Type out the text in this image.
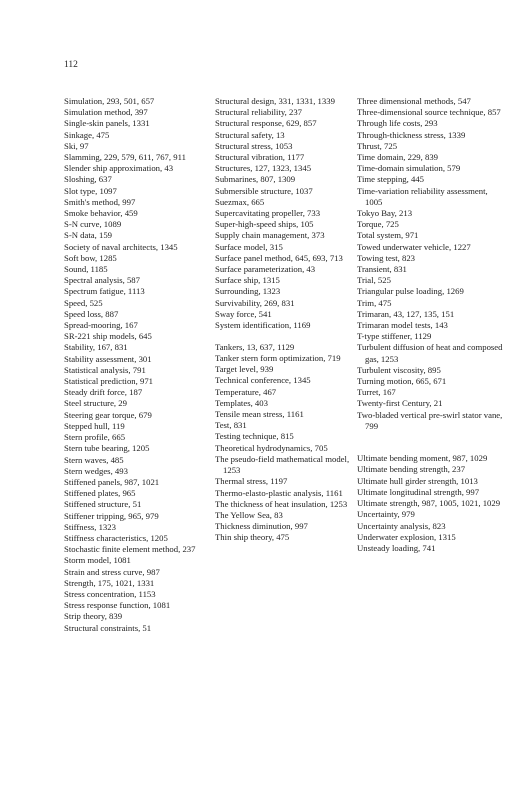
112
Simulation, 293, 501, 657
Simulation method, 397
Single-skin panels, 1331
Sinkage, 475
Ski, 97
Slamming, 229, 579, 611, 767, 911
Slender ship approximation, 43
Sloshing, 637
Slot type, 1097
Smith's method, 997
Smoke behavior, 459
S-N curve, 1089
S-N data, 159
Society of naval architects, 1345
Soft bow, 1285
Sound, 1185
Spectral analysis, 587
Spectrum fatigue, 1113
Speed, 525
Speed loss, 887
Spread-mooring, 167
SR-221 ship models, 645
Stability, 167, 831
Stability assessment, 301
Statistical analysis, 791
Statistical prediction, 971
Steady drift force, 187
Steel structure, 29
Steering gear torque, 679
Stepped hull, 119
Stern profile, 665
Stern tube bearing, 1205
Stern waves, 485
Stern wedges, 493
Stiffened panels, 987, 1021
Stiffened plates, 965
Stiffened structure, 51
Stiffener tripping, 965, 979
Stiffness, 1323
Stiffness characteristics, 1205
Stochastic finite element method, 237
Storm model, 1081
Strain and stress curve, 987
Strength, 175, 1021, 1331
Stress concentration, 1153
Stress response function, 1081
Strip theory, 839
Structural constraints, 51
Structural design, 331, 1331, 1339
Structural reliability, 237
Structural response, 629, 857
Structural safety, 13
Structural stress, 1053
Structural vibration, 1177
Structures, 127, 1323, 1345
Submarines, 807, 1309
Submersible structure, 1037
Suezmax, 665
Supercavitating propeller, 733
Super-high-speed ships, 105
Supply chain management, 373
Surface model, 315
Surface panel method, 645, 693, 713
Surface parameterization, 43
Surface ship, 1315
Surrounding, 1323
Survivability, 269, 831
Sway force, 541
System identification, 1169
Tankers, 13, 637, 1129
Tanker stern form optimization, 719
Target level, 939
Technical conference, 1345
Temperature, 467
Templates, 403
Tensile mean stress, 1161
Test, 831
Testing technique, 815
Theoretical hydrodynamics, 705
The pseudo-field mathematical model, 1253
Thermal stress, 1197
Thermo-elasto-plastic analysis, 1161
The thickness of heat insulation, 1253
The Yellow Sea, 83
Thickness diminution, 997
Thin ship theory, 475
Three dimensional methods, 547
Three-dimensional source technique, 857
Through life costs, 293
Through-thickness stress, 1339
Thrust, 725
Time domain, 229, 839
Time-domain simulation, 579
Time stepping, 445
Time-variation reliability assessment, 1005
Tokyo Bay, 213
Torque, 725
Total system, 971
Towed underwater vehicle, 1227
Towing test, 823
Transient, 831
Trial, 525
Triangular pulse loading, 1269
Trim, 475
Trimaran, 43, 127, 135, 151
Trimaran model tests, 143
T-type stiffener, 1129
Turbulent diffusion of heat and composed gas, 1253
Turbulent viscosity, 895
Turning motion, 665, 671
Turret, 167
Twenty-first Century, 21
Two-bladed vertical pre-swirl stator vane, 799
Ultimate bending moment, 987, 1029
Ultimate bending strength, 237
Ultimate hull girder strength, 1013
Ultimate longitudinal strength, 997
Ultimate strength, 987, 1005, 1021, 1029
Uncertainty, 979
Uncertainty analysis, 823
Underwater explosion, 1315
Unsteady loading, 741
